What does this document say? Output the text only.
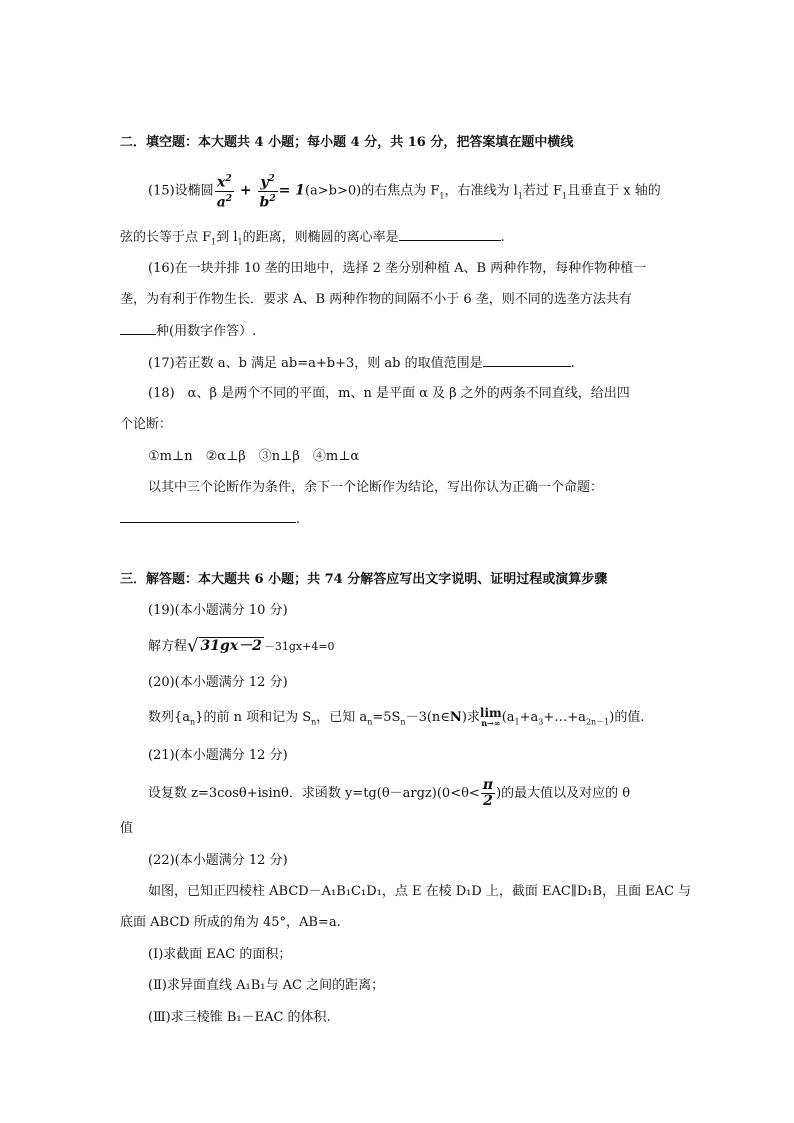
二．填空题：本大题共 4 小题；每小题 4 分，共 16 分，把答案填在题中横线
(15)设椭圆 $\frac{x^2}{a^2} + \frac{y^2}{b^2} = 1(a>b>0)$的右焦点为 $F_1$，右准线为 $l_1$若过 $F_1$且垂直于 x 轴的
弦的长等于点 $F_1$到 $l_1$的距离，则椭圆的离心率是	.
(16)在一块并排 10 垄的田地中，选择 2 垄分别种植 A、B 两种作物，每种作物种植一
垄，为有利于作物生长．要求 A、B 两种作物的间隔不小于 6 垄，则不同的选垄方法共有
种(用数字作答）.
(17)若正数 a、b 满足 ab=a+b+3，则 ab 的取值范围是	.
(18)　α、β 是两个不同的平面，m、n 是平面 α 及 β 之外的两条不同直线，给出四
个论断：
①m⊥n　②α⊥β　③n⊥β　④m⊥α
以其中三个论断作为条件，余下一个论断作为结论，写出你认为正确一个命题：
.
三．解答题：本大题共 6 小题；共 74 分解答应写出文字说明、证明过程或演算步骤
(19)(本小题满分 10 分)
解方程√ 31gx－2 －31gx+4=0
(20)(本小题满分 12 分)
数列$\{a_n\}$的前 n 项和记为 $S_n$，已知 $a_n=5S_n-3(n\in N)$求 lim
n→∞ $(a_1+a_3+\dots+a_{2n-1})$的值.
(21)(本小题满分 12 分)
设复数 z=3cosθ+isinθ．求函数 y=tg(θ－argz)(0<θ< $\frac{\pi}{2}$ )的最大值以及对应的 θ
值
(22)(本小题满分 12 分)
如图，已知正四棱柱 ABCD－A₁B₁C₁D₁，点 E 在棱 D₁D 上，截面 EAC∥D₁B，且面 EAC 与
底面 ABCD 所成的角为 45°，AB=a.
(Ⅰ)求截面 EAC 的面积；
(Ⅱ)求异面直线 A₁B₁与 AC 之间的距离；
(Ⅲ)求三棱锥 B₁－EAC 的体积.
